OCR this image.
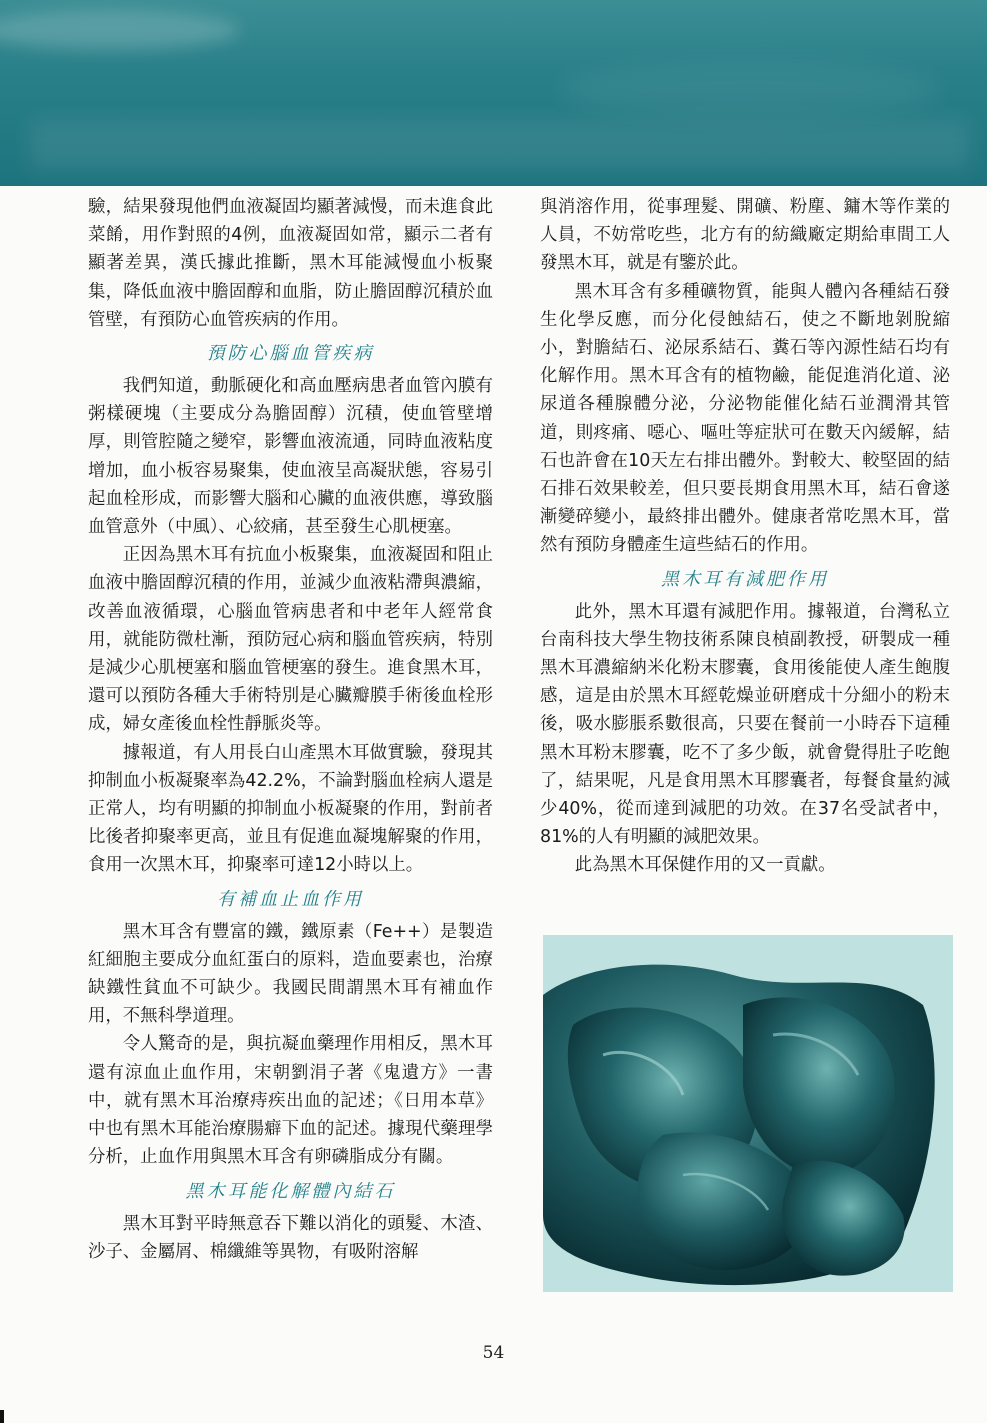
驗，結果發現他們血液凝固均顯著減慢，而未進食此菜餚，用作對照的4例，血液凝固如常，顯示二者有顯著差異，漢氏據此推斷，黑木耳能減慢血小板聚集，降低血液中膽固醇和血脂，防止膽固醇沉積於血管壁，有預防心血管疾病的作用。

預防心腦血管疾病

我們知道，動脈硬化和高血壓病患者血管內膜有粥樣硬塊（主要成分為膽固醇）沉積，使血管壁增厚，則管腔隨之變窄，影響血液流通，同時血液粘度增加，血小板容易聚集，使血液呈高凝狀態，容易引起血栓形成，而影響大腦和心臟的血液供應，導致腦血管意外（中風）、心絞痛，甚至發生心肌梗塞。

正因為黑木耳有抗血小板聚集，血液凝固和阻止血液中膽固醇沉積的作用，並減少血液粘滯與濃縮，改善血液循環，心腦血管病患者和中老年人經常食用，就能防微杜漸，預防冠心病和腦血管疾病，特別是減少心肌梗塞和腦血管梗塞的發生。進食黑木耳，還可以預防各種大手術特別是心臟瓣膜手術後血栓形成，婦女產後血栓性靜脈炎等。

據報道，有人用長白山產黑木耳做實驗，發現其抑制血小板凝聚率為42.2%，不論對腦血栓病人還是正常人，均有明顯的抑制血小板凝聚的作用，對前者比後者抑聚率更高，並且有促進血凝塊解聚的作用，食用一次黑木耳，抑聚率可達12小時以上。

有補血止血作用

黑木耳含有豐富的鐵，鐵原素（Fe++）是製造紅細胞主要成分血紅蛋白的原料，造血要素也，治療缺鐵性貧血不可缺少。我國民間謂黑木耳有補血作用，不無科學道理。

令人驚奇的是，與抗凝血藥理作用相反，黑木耳還有涼血止血作用，宋朝劉涓子著《鬼遺方》一書中，就有黑木耳治療痔疾出血的記述；《日用本草》中也有黑木耳能治療腸癖下血的記述。據現代藥理學分析，止血作用與黑木耳含有卵磷脂成分有關。

黑木耳能化解體內結石

黑木耳對平時無意吞下難以消化的頭髮、木渣、沙子、金屬屑、棉纖維等異物，有吸附溶解

與消溶作用，從事理髮、開礦、粉塵、鏞木等作業的人員，不妨常吃些，北方有的紡織廠定期給車間工人發黑木耳，就是有鑒於此。

黑木耳含有多種礦物質，能與人體內各種結石發生化學反應，而分化侵蝕結石，使之不斷地剝脫縮小，對膽結石、泌尿系結石、糞石等內源性結石均有化解作用。黑木耳含有的植物鹼，能促進消化道、泌尿道各種腺體分泌，分泌物能催化結石並潤滑其管道，則疼痛、噁心、嘔吐等症狀可在數天內緩解，結石也許會在10天左右排出體外。對較大、較堅固的結石排石效果較差，但只要長期食用黑木耳，結石會遂漸變碎變小，最終排出體外。健康者常吃黑木耳，當然有預防身體產生這些結石的作用。

黑木耳有減肥作用

此外，黑木耳還有減肥作用。據報道，台灣私立台南科技大學生物技術系陳良楨副教授，研製成一種黑木耳濃縮納米化粉末膠囊，食用後能使人產生飽腹感，這是由於黑木耳經乾燥並研磨成十分細小的粉末後，吸水膨脹系數很高，只要在餐前一小時吞下這種黑木耳粉末膠囊，吃不了多少飯，就會覺得肚子吃飽了，結果呢，凡是食用黑木耳膠囊者，每餐食量約減少40%，從而達到減肥的功效。在37名受試者中，81%的人有明顯的減肥效果。

此為黑木耳保健作用的又一貢獻。

54
